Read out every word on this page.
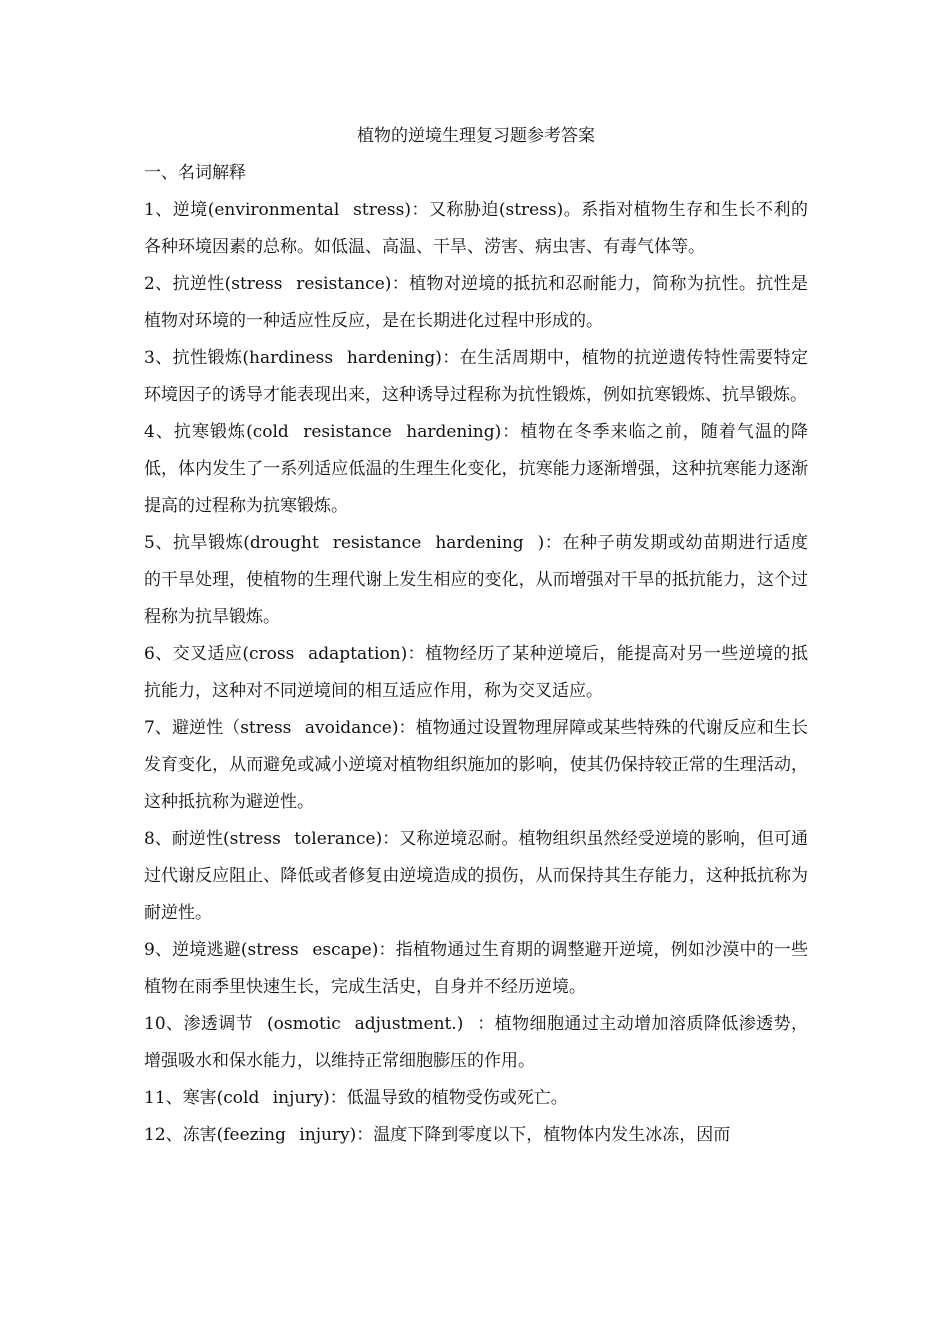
植物的逆境生理复习题参考答案

一、名词解释

1、逆境(environmental stress)：又称胁迫(stress)。系指对植物生存和生长不利的各种环境因素的总称。如低温、高温、干旱、涝害、病虫害、有毒气体等。

2、抗逆性(stress resistance)：植物对逆境的抵抗和忍耐能力，简称为抗性。抗性是植物对环境的一种适应性反应，是在长期进化过程中形成的。

3、抗性锻炼(hardiness hardening)：在生活周期中，植物的抗逆遗传特性需要特定环境因子的诱导才能表现出来，这种诱导过程称为抗性锻炼，例如抗寒锻炼、抗旱锻炼。

4、抗寒锻炼(cold resistance hardening)：植物在冬季来临之前，随着气温的降低，体内发生了一系列适应低温的生理生化变化，抗寒能力逐渐增强，这种抗寒能力逐渐提高的过程称为抗寒锻炼。

5、抗旱锻炼(drought resistance hardening )：在种子萌发期或幼苗期进行适度的干旱处理，使植物的生理代谢上发生相应的变化，从而增强对干旱的抵抗能力，这个过程称为抗旱锻炼。

6、交叉适应(cross adaptation)：植物经历了某种逆境后，能提高对另一些逆境的抵抗能力，这种对不同逆境间的相互适应作用，称为交叉适应。

7、避逆性（stress avoidance)：植物通过设置物理屏障或某些特殊的代谢反应和生长发育变化，从而避免或减小逆境对植物组织施加的影响，使其仍保持较正常的生理活动，这种抵抗称为避逆性。

8、耐逆性(stress tolerance)：又称逆境忍耐。植物组织虽然经受逆境的影响，但可通过代谢反应阻止、降低或者修复由逆境造成的损伤，从而保持其生存能力，这种抵抗称为耐逆性。

9、逆境逃避(stress escape)：指植物通过生育期的调整避开逆境，例如沙漠中的一些植物在雨季里快速生长，完成生活史，自身并不经历逆境。

10、渗透调节 (osmotic adjustment.) ：植物细胞通过主动增加溶质降低渗透势，增强吸水和保水能力，以维持正常细胞膨压的作用。

11、寒害(cold injury)：低温导致的植物受伤或死亡。

12、冻害(feezing injury)：温度下降到零度以下，植物体内发生冰冻，因而
